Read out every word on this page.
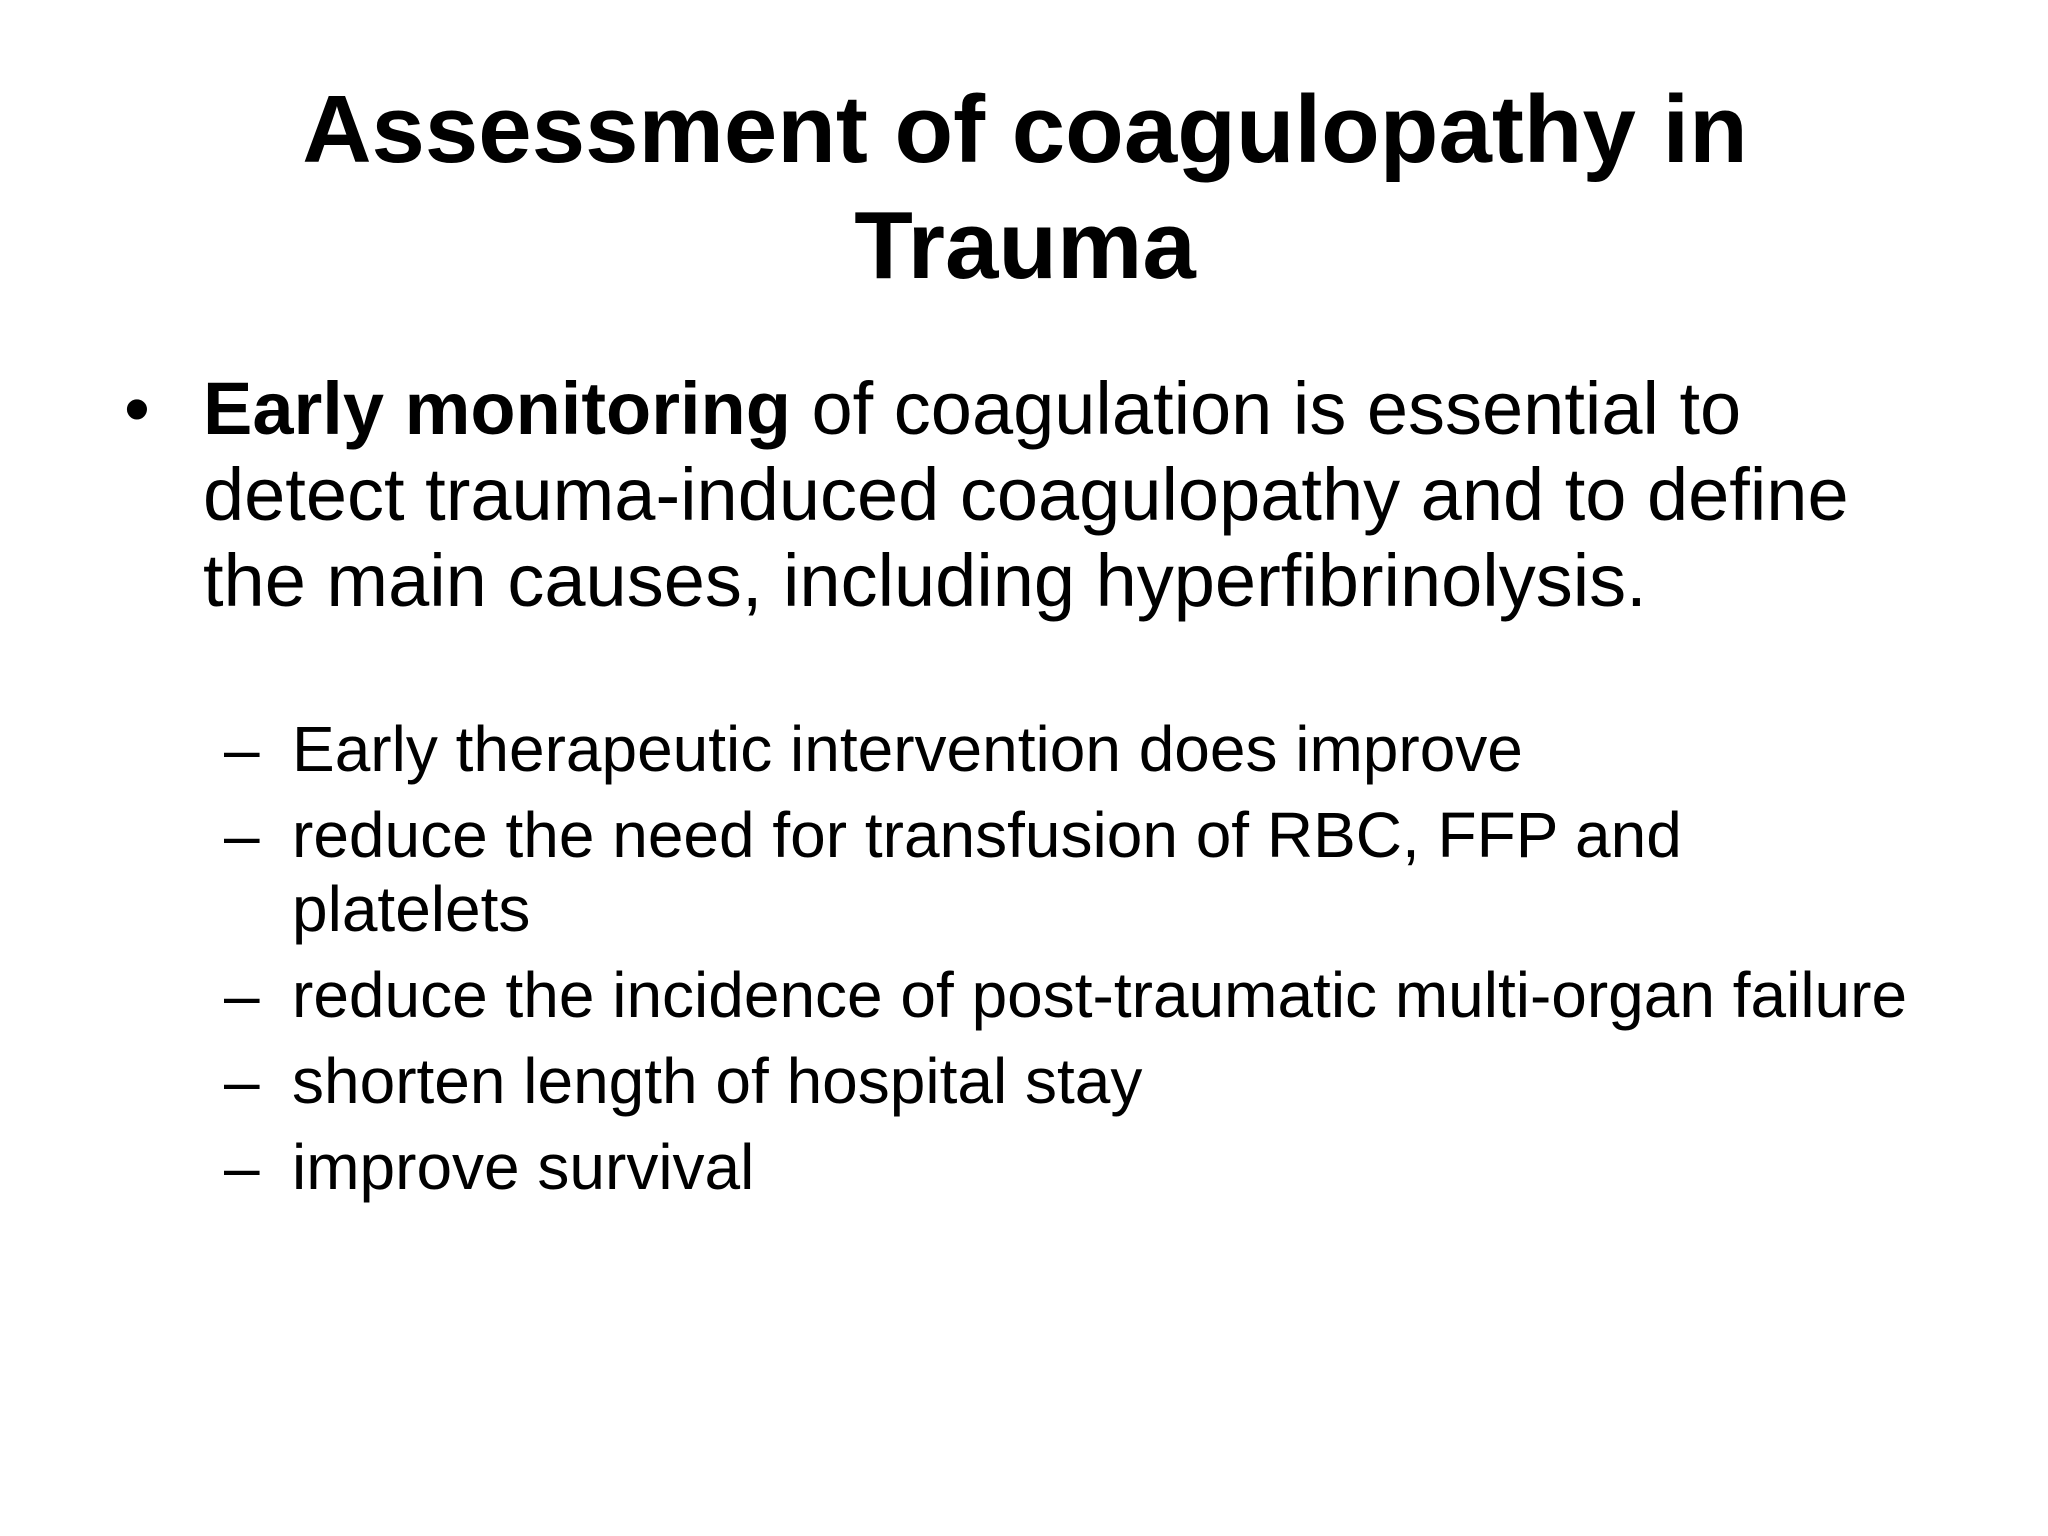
Assessment of coagulopathy in Trauma
• Early monitoring of coagulation is essential to detect trauma-induced coagulopathy and to define the main causes, including hyperfibrinolysis.
– Early therapeutic intervention does improve
– reduce the need for transfusion of RBC, FFP and platelets
– reduce the incidence of post-traumatic multi-organ failure
– shorten length of hospital stay
– improve survival
